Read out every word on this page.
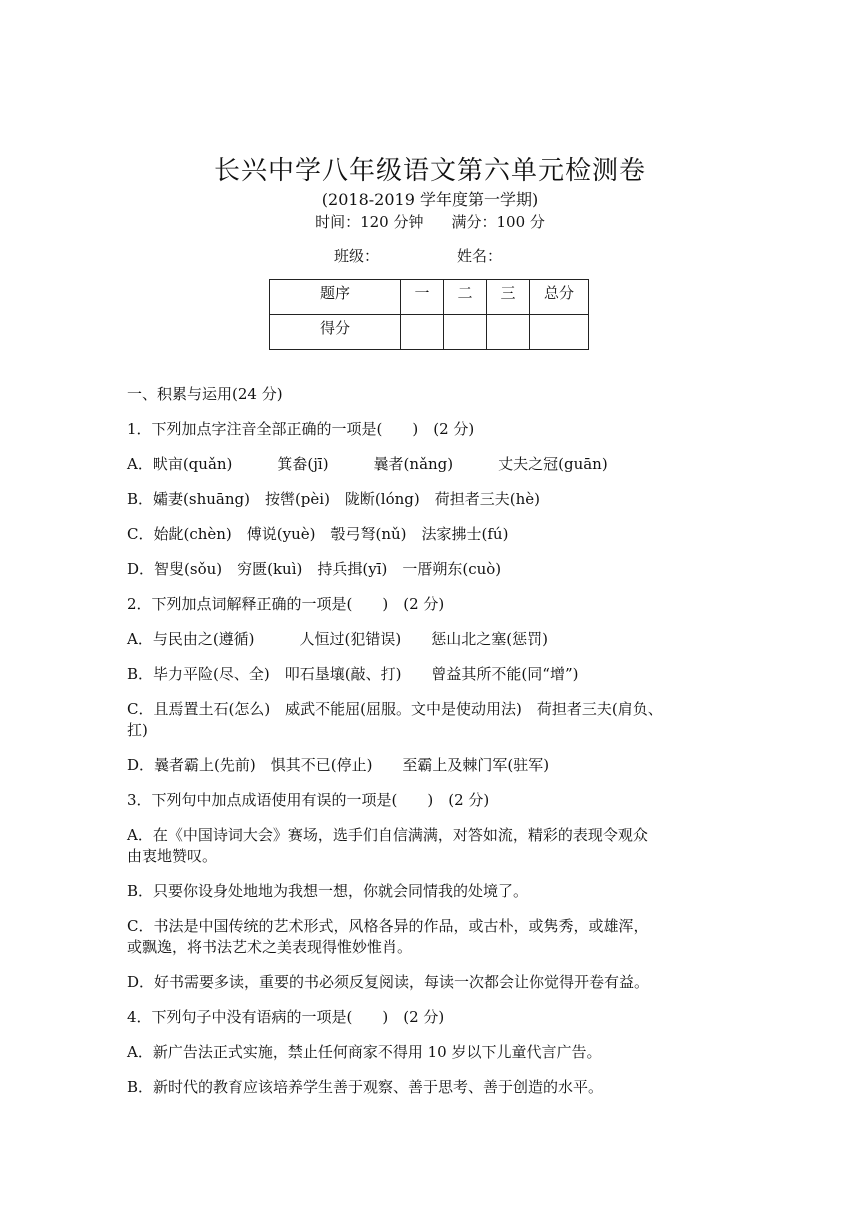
长兴中学八年级语文第六单元检测卷
(2018-2019 学年度第一学期)
时间：120 分钟 满分：100 分
班级：	姓名：
题序	一	二	三	总分
得分				

一、积累与运用(24 分)

1．下列加点字注音全部正确的一项是(　　)　(2 分)

A．畎亩(quǎn)　　　箕畚(jī)　　　曩者(nǎng)　　　丈夫之冠(guān)

B．孀妻(shuāng)　按辔(pèi)　陇断(lóng)　荷担者三夫(hè)

C．始龀(chèn)　傅说(yuè)　彀弓弩(nǔ)　法家拂士(fú)

D．智叟(sǒu)　穷匮(kuì)　持兵揖(yī)　一厝朔东(cuò)

2．下列加点词解释正确的一项是(　　)　(2 分)

A．与民由之(遵循)　　　人恒过(犯错误)　　惩山北之塞(惩罚)

B．毕力平险(尽、全)　叩石垦壤(敲、打)　　曾益其所不能(同“增”)

C．且焉置土石(怎么)　威武不能屈(屈服。文中是使动用法)　荷担者三夫(肩负、

扛)

D．曩者霸上(先前)　惧其不已(停止)　　至霸上及棘门军(驻军)

3．下列句中加点成语使用有误的一项是(　　)　(2 分)

A．在《中国诗词大会》赛场，选手们自信满满，对答如流，精彩的表现令观众

由衷地赞叹。

B．只要你设身处地地为我想一想，你就会同情我的处境了。

C．书法是中国传统的艺术形式，风格各异的作品，或古朴，或隽秀，或雄浑，

或飘逸，将书法艺术之美表现得惟妙惟肖。

D．好书需要多读，重要的书必须反复阅读，每读一次都会让你觉得开卷有益。

4．下列句子中没有语病的一项是(　　)　(2 分)

A．新广告法正式实施，禁止任何商家不得用 10 岁以下儿童代言广告。

B．新时代的教育应该培养学生善于观察、善于思考、善于创造的水平。
